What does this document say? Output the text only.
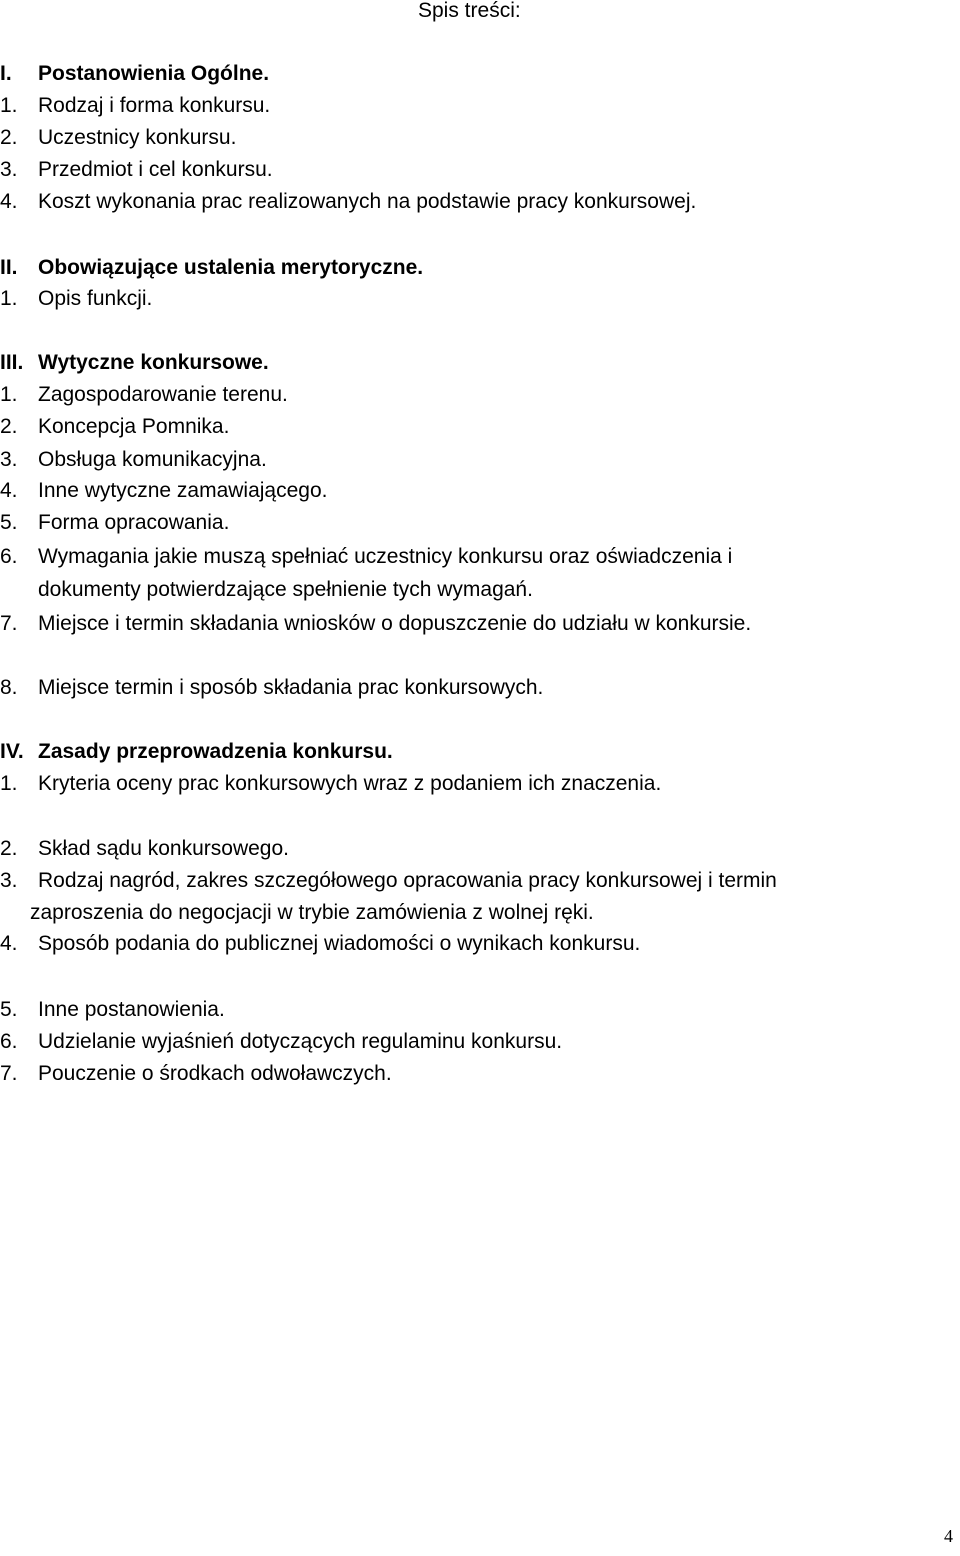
Spis treści:
I. Postanowienia Ogólne.
1. Rodzaj i forma konkursu.
2. Uczestnicy konkursu.
3. Przedmiot i cel konkursu.
4. Koszt wykonania prac realizowanych na podstawie pracy konkursowej.
II. Obowiązujące ustalenia merytoryczne.
1. Opis funkcji.
III. Wytyczne konkursowe.
1. Zagospodarowanie terenu.
2. Koncepcja Pomnika.
3. Obsługa komunikacyjna.
4. Inne wytyczne zamawiającego.
5. Forma opracowania.
6. Wymagania jakie muszą spełniać uczestnicy konkursu oraz oświadczenia i
dokumenty potwierdzające spełnienie tych wymagań.
7. Miejsce i termin składania wniosków o dopuszczenie do udziału w konkursie.
8. Miejsce termin i sposób składania prac konkursowych.
IV. Zasady przeprowadzenia konkursu.
1. Kryteria oceny prac konkursowych wraz z podaniem ich znaczenia.
2. Skład sądu konkursowego.
3. Rodzaj nagród, zakres szczegółowego opracowania pracy konkursowej i termin
zaproszenia do negocjacji w trybie zamówienia z wolnej ręki.
4. Sposób podania do publicznej wiadomości o wynikach konkursu.
5. Inne postanowienia.
6. Udzielanie wyjaśnień dotyczących regulaminu konkursu.
7. Pouczenie o środkach odwoławczych.
4
